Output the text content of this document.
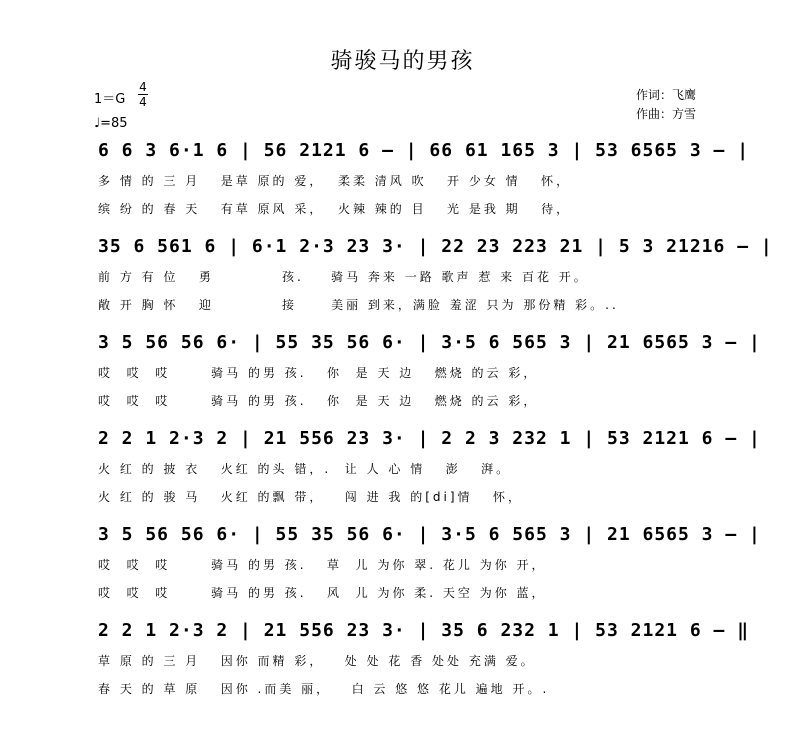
骑骏马的男孩
1＝G
4
4
♩=85
作词：飞鹰
作曲：方雪
6 6 3 6·1 6 | 56 2121 6 – | 66 61 165 3 | 53 6565 3 – |
多 情 的 三 月   是草 原的 爱，  柔柔 清风 吹   开 少女 情   怀，
缤 纷 的 春 天   有草 原风 采，  火辣 辣的 目   光 是我 期   待，
35 6 561 6 | 6·1 2·3 23 3· | 22 23 223 21 | 5 3 21216 – |
前 方 有 位   勇          孩.    骑马 奔来 一路 歌声 惹 来 百花 开。
敞 开 胸 怀   迎          接     美丽 到来，满脸 羞涩 只为 那份精 彩。..
3 5 56 56 6· | 55 35 56 6· | 3·5 6 565 3 | 21 6565 3 – |
哎  哎  哎      骑马 的男 孩.   你  是 天 边   燃烧 的云 彩，
哎  哎  哎      骑马 的男 孩.   你  是 天 边   燃烧 的云 彩，
2 2 1 2·3 2 | 21 556 23 3· | 2 2 3 232 1 | 53 2121 6 – |
火 红 的 披 衣   火红 的头 错，.  让 人 心 情   澎   湃。
火 红 的 骏 马   火红 的飘 带，   闯 进 我 的[di]情   怀，
3 5 56 56 6· | 55 35 56 6· | 3·5 6 565 3 | 21 6565 3 – |
哎  哎  哎      骑马 的男 孩.   草  儿 为你 翠. 花儿 为你 开，
哎  哎  哎      骑马 的男 孩.   风  儿 为你 柔. 天空 为你 蓝，
2 2 1 2·3 2 | 21 556 23 3· | 35 6 232 1 | 53 2121 6 – ‖
草 原 的 三 月   因你 而精 彩，   处 处 花 香 处处 充满 爱。
春 天 的 草 原   因你 .而美 丽，   白 云 悠 悠 花儿 遍地 开。.
